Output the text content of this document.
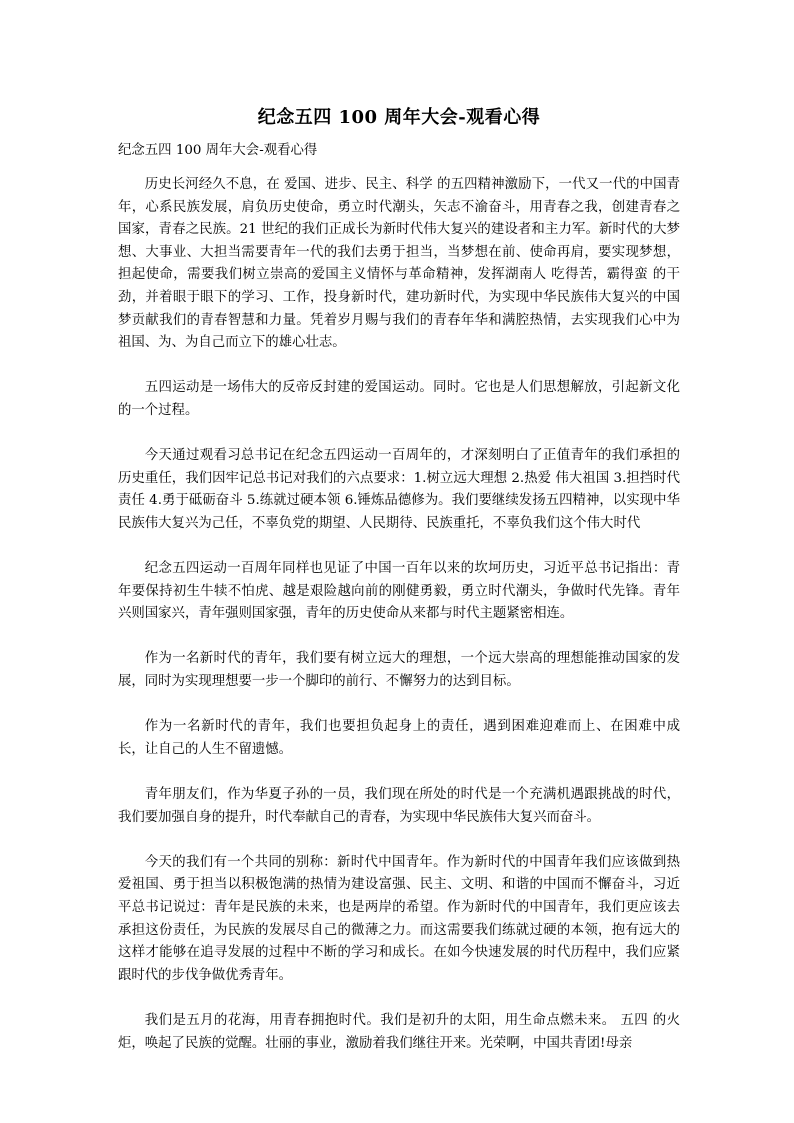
纪念五四 100 周年大会-观看心得
纪念五四 100 周年大会-观看心得

历史长河经久不息，在 爱国、进步、民主、科学 的五四精神激励下，一代又一代的中国青年，心系民族发展，肩负历史使命，勇立时代潮头，矢志不渝奋斗，用青春之我，创建青春之国家，青春之民族。21 世纪的我们正成长为新时代伟大复兴的建设者和主力军。新时代的大梦想、大事业、大担当需要青年一代的我们去勇于担当，当梦想在前、使命再肩，要实现梦想，担起使命，需要我们树立崇高的爱国主义情怀与革命精神，发挥湖南人 吃得苦，霸得蛮 的干劲，并着眼于眼下的学习、工作，投身新时代，建功新时代，为实现中华民族伟大复兴的中国梦贡献我们的青春智慧和力量。凭着岁月赐与我们的青春年华和满腔热情，去实现我们心中为祖国、为、为自己而立下的雄心壮志。

五四运动是一场伟大的反帝反封建的爱国运动。同时。它也是人们思想解放，引起新文化的一个过程。

今天通过观看习总书记在纪念五四运动一百周年的，才深刻明白了正值青年的我们承担的历史重任，我们因牢记总书记对我们的六点要求：1.树立远大理想 2.热爱 伟大祖国 3.担挡时代责任 4.勇于砥砺奋斗 5.练就过硬本领 6.锤炼品德修为。我们要继续发扬五四精神，以实现中华民族伟大复兴为己任，不辜负党的期望、人民期待、民族重托，不辜负我们这个伟大时代

纪念五四运动一百周年同样也见证了中国一百年以来的坎坷历史，习近平总书记指出：青年要保持初生牛犊不怕虎、越是艰险越向前的刚健勇毅，勇立时代潮头，争做时代先锋。青年兴则国家兴，青年强则国家强，青年的历史使命从来都与时代主题紧密相连。

作为一名新时代的青年，我们要有树立远大的理想，一个远大崇高的理想能推动国家的发展，同时为实现理想要一步一个脚印的前行、不懈努力的达到目标。

作为一名新时代的青年，我们也要担负起身上的责任，遇到困难迎难而上、在困难中成长，让自己的人生不留遗憾。

青年朋友们，作为华夏子孙的一员，我们现在所处的时代是一个充满机遇跟挑战的时代，我们要加强自身的提升，时代奉献自己的青春，为实现中华民族伟大复兴而奋斗。

今天的我们有一个共同的别称：新时代中国青年。作为新时代的中国青年我们应该做到热爱祖国、勇于担当以积极饱满的热情为建设富强、民主、文明、和谐的中国而不懈奋斗，习近平总书记说过：青年是民族的未来，也是两岸的希望。作为新时代的中国青年，我们更应该去承担这份责任，为民族的发展尽自己的微薄之力。而这需要我们练就过硬的本领，抱有远大的这样才能够在追寻发展的过程中不断的学习和成长。在如今快速发展的时代历程中，我们应紧跟时代的步伐争做优秀青年。

我们是五月的花海，用青春拥抱时代。我们是初升的太阳，用生命点燃未来。 五四 的火炬，唤起了民族的觉醒。壮丽的事业，激励着我们继往开来。光荣啊，中国共青团!母亲
